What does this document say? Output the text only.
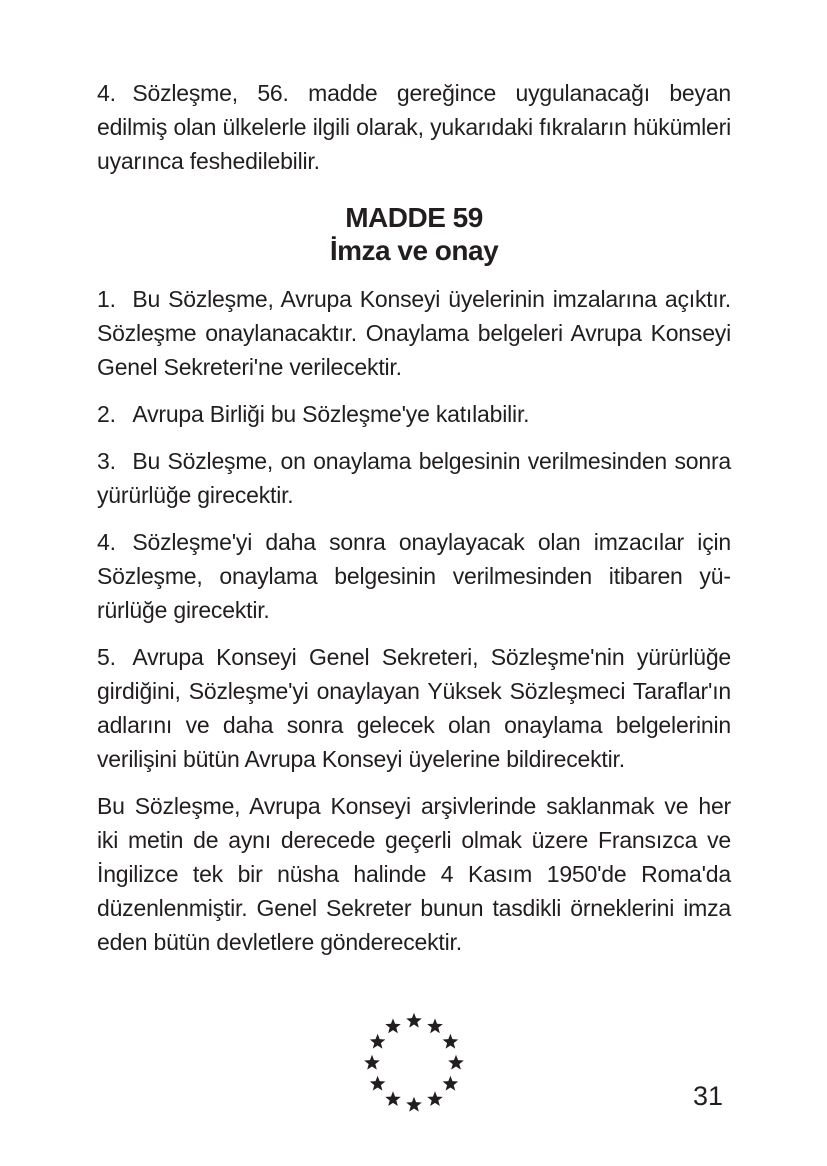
4. Sözleşme, 56. madde gereğince uygulanacağı beyan edilmiş olan ülkelerle ilgili olarak, yukarıdaki fıkraların hükümleri uyarınca feshedilebilir.

MADDE 59
İmza ve onay

1. Bu Sözleşme, Avrupa Konseyi üyelerinin imzalarına açıktır. Sözleşme onaylanacaktır. Onaylama belgeleri Avrupa Konseyi Genel Sekreteri'ne verilecektir.

2. Avrupa Birliği bu Sözleşme'ye katılabilir.

3. Bu Sözleşme, on onaylama belgesinin verilmesinden sonra yürürlüğe girecektir.

4. Sözleşme'yi daha sonra onaylayacak olan imzacılar için Sözleşme, onaylama belgesinin verilmesinden itibaren yürürlüğe girecektir.

5. Avrupa Konseyi Genel Sekreteri, Sözleşme'nin yürürlüğe girdiğini, Sözleşme'yi onaylayan Yüksek Sözleşmeci Taraflar'ın adlarını ve daha sonra gelecek olan onaylama belgelerinin verilişini bütün Avrupa Konseyi üyelerine bildirecektir.

Bu Sözleşme, Avrupa Konseyi arşivlerinde saklanmak ve her iki metin de aynı derecede geçerli olmak üzere Fransızca ve İngilizce tek bir nüsha halinde 4 Kasım 1950'de Roma'da düzenlenmiştir. Genel Sekreter bunun tasdikli örneklerini imza eden bütün devletlere gönderecektir.

31
